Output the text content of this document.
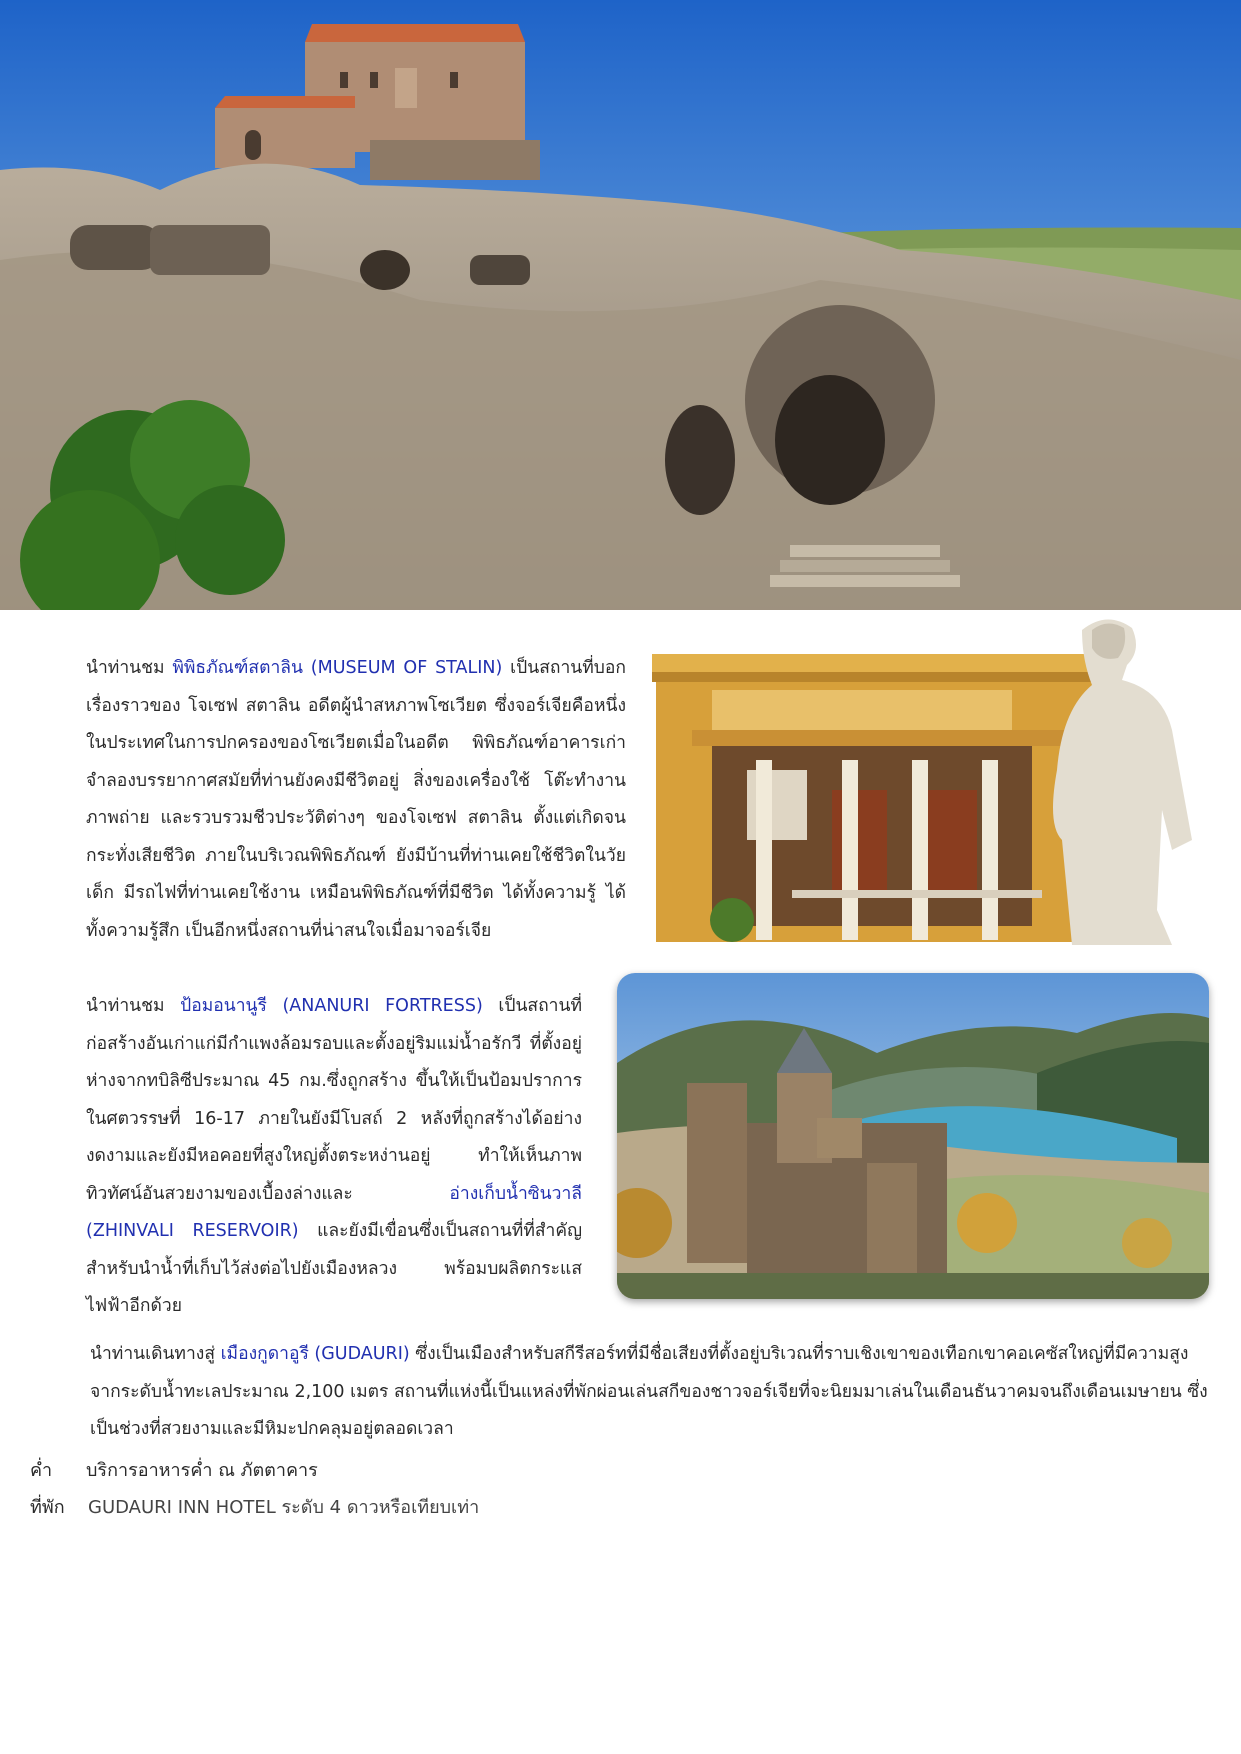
นำท่านชม พิพิธภัณฑ์สตาลิน (MUSEUM OF STALIN) เป็นสถานที่บอกเรื่องราวของ โจเซฟ สตาลิน อดีตผู้นำสหภาพโซเวียต ซึ่งจอร์เจียคือหนึ่งในประเทศในการปกครองของโซเวียตเมื่อในอดีต พิพิธภัณฑ์อาคารเก่าจำลองบรรยากาศสมัยที่ท่านยังคงมีชีวิตอยู่ สิ่งของเครื่องใช้ โต๊ะทำงาน ภาพถ่าย และรวบรวมชีวประวัติต่างๆ ของโจเซฟ สตาลิน ตั้งแต่เกิดจนกระทั่งเสียชีวิต ภายในบริเวณพิพิธภัณฑ์ ยังมีบ้านที่ท่านเคยใช้ชีวิตในวัยเด็ก มีรถไฟที่ท่านเคยใช้งาน เหมือนพิพิธภัณฑ์ที่มีชีวิต ได้ทั้งความรู้ ได้ทั้งความรู้สึก เป็นอีกหนึ่งสถานที่น่าสนใจเมื่อมาจอร์เจีย

นำท่านชม ป้อมอนานูรี (ANANURI FORTRESS) เป็นสถานที่ก่อสร้างอันเก่าแก่มีกำแพงล้อมรอบและตั้งอยู่ริมแม่น้ำอรักวี ที่ตั้งอยู่ห่างจากทบิลิซีประมาณ 45 กม.ซึ่งถูกสร้าง ขึ้นให้เป็นป้อมปราการในศตวรรษที่ 16-17 ภายในยังมีโบสถ์ 2 หลังที่ถูกสร้างได้อย่างงดงามและยังมีหอคอยที่สูงใหญ่ตั้งตระหง่านอยู่ ทำให้เห็นภาพทิวทัศน์อันสวยงามของเบื้องล่างและ อ่างเก็บน้ำซินวาลี (ZHINVALI RESERVOIR) และยังมีเขื่อนซึ่งเป็นสถานที่ที่สำคัญสำหรับนำน้ำที่เก็บไว้ส่งต่อไปยังเมืองหลวง พร้อมบผลิตกระแสไฟฟ้าอีกด้วย

นำท่านเดินทางสู่ เมืองกูดาอูรี (GUDAURI) ซึ่งเป็นเมืองสำหรับสกีรีสอร์ทที่มีชื่อเสียงที่ตั้งอยู่บริเวณที่ราบเชิงเขาของเทือกเขาคอเคซัสใหญ่ที่มีความสูงจากระดับน้ำทะเลประมาณ 2,100 เมตร สถานที่แห่งนี้เป็นแหล่งที่พักผ่อนเล่นสกีของชาวจอร์เจียที่จะนิยมมาเล่นในเดือนธันวาคมจนถึงเดือนเมษายน ซึ่งเป็นช่วงที่สวยงามและมีหิมะปกคลุมอยู่ตลอดเวลา

ค่ำ บริการอาหารค่ำ ณ ภัตตาคาร
ที่พัก GUDAURI INN HOTEL ระดับ 4 ดาวหรือเทียบเท่า
